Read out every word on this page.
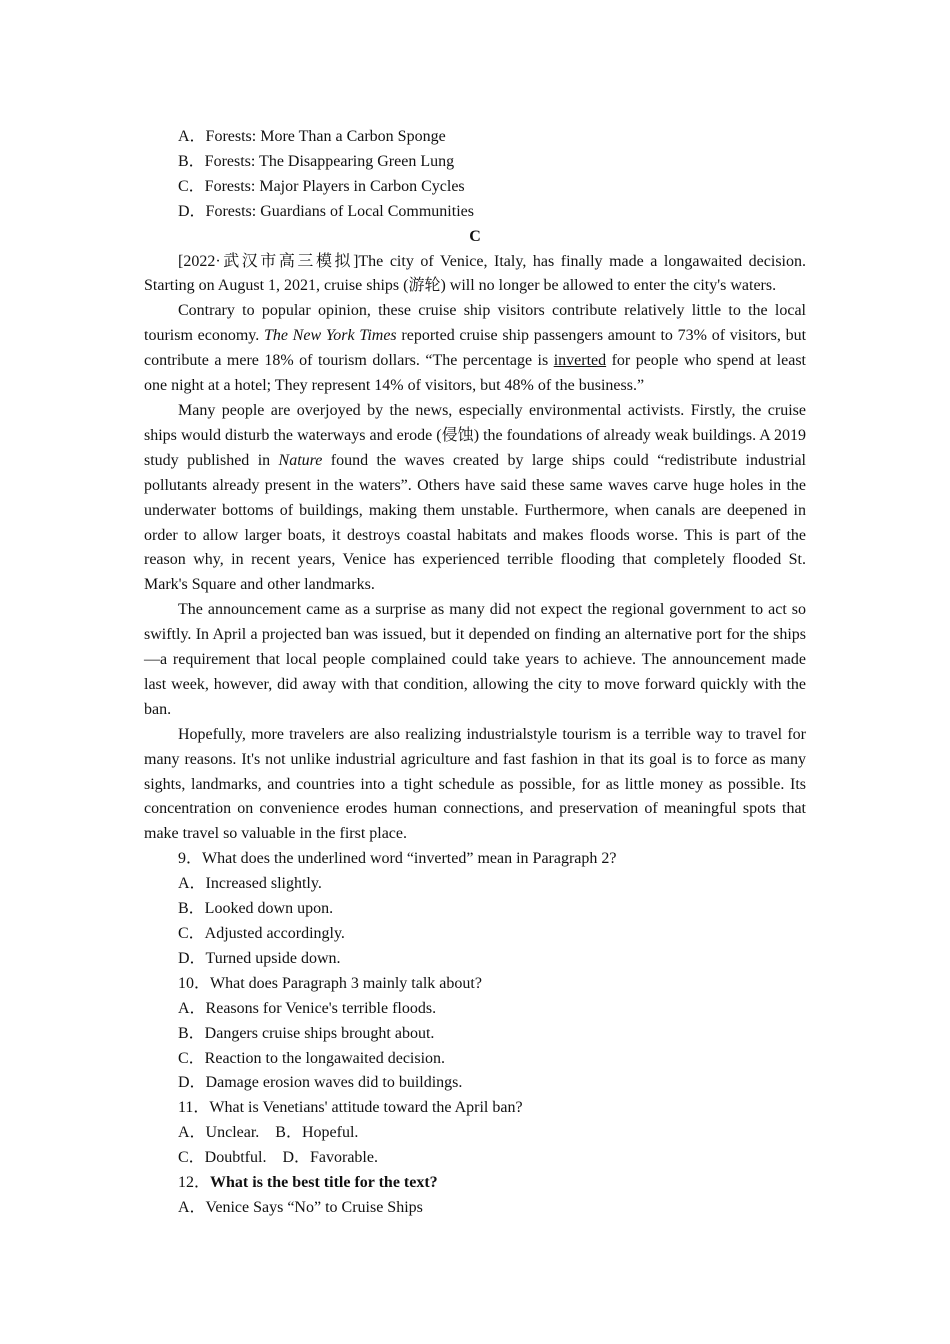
A．Forests: More Than a Carbon Sponge
B．Forests: The Disappearing Green Lung
C．Forests: Major Players in Carbon Cycles
D．Forests: Guardians of Local Communities
C

[2022·武汉市高三模拟]The city of Venice, Italy, has finally made a longawaited decision. Starting on August 1, 2021, cruise ships (游轮) will no longer be allowed to enter the city's waters.

Contrary to popular opinion, these cruise ship visitors contribute relatively little to the local tourism economy. The New York Times reported cruise ship passengers amount to 73% of visitors, but contribute a mere 18% of tourism dollars. “The percentage is inverted for people who spend at least one night at a hotel; They represent 14% of visitors, but 48% of the business.”

Many people are overjoyed by the news, especially environmental activists. Firstly, the cruise ships would disturb the waterways and erode (侵蚀) the foundations of already weak buildings. A 2019 study published in Nature found the waves created by large ships could “redistribute industrial pollutants already present in the waters”. Others have said these same waves carve huge holes in the underwater bottoms of buildings, making them unstable. Furthermore, when canals are deepened in order to allow larger boats, it destroys coastal habitats and makes floods worse. This is part of the reason why, in recent years, Venice has experienced terrible flooding that completely flooded St. Mark's Square and other landmarks.

The announcement came as a surprise as many did not expect the regional government to act so swiftly. In April a projected ban was issued, but it depended on finding an alternative port for the ships—a requirement that local people complained could take years to achieve. The announcement made last week, however, did away with that condition, allowing the city to move forward quickly with the ban.

Hopefully, more travelers are also realizing industrialstyle tourism is a terrible way to travel for many reasons. It's not unlike industrial agriculture and fast fashion in that its goal is to force as many sights, landmarks, and countries into a tight schedule as possible, for as little money as possible. Its concentration on convenience erodes human connections, and preservation of meaningful spots that make travel so valuable in the first place.

9．What does the underlined word “inverted” mean in Paragraph 2?
A．Increased slightly.
B．Looked down upon.
C．Adjusted accordingly.
D．Turned upside down.
10．What does Paragraph 3 mainly talk about?
A．Reasons for Venice's terrible floods.
B．Dangers cruise ships brought about.
C．Reaction to the longawaited decision.
D．Damage erosion waves did to buildings.
11．What is Venetians' attitude toward the April ban?
A．Unclear.    B．Hopeful.
C．Doubtful.    D．Favorable.
12．What is the best title for the text?
A．Venice Says “No” to Cruise Ships
